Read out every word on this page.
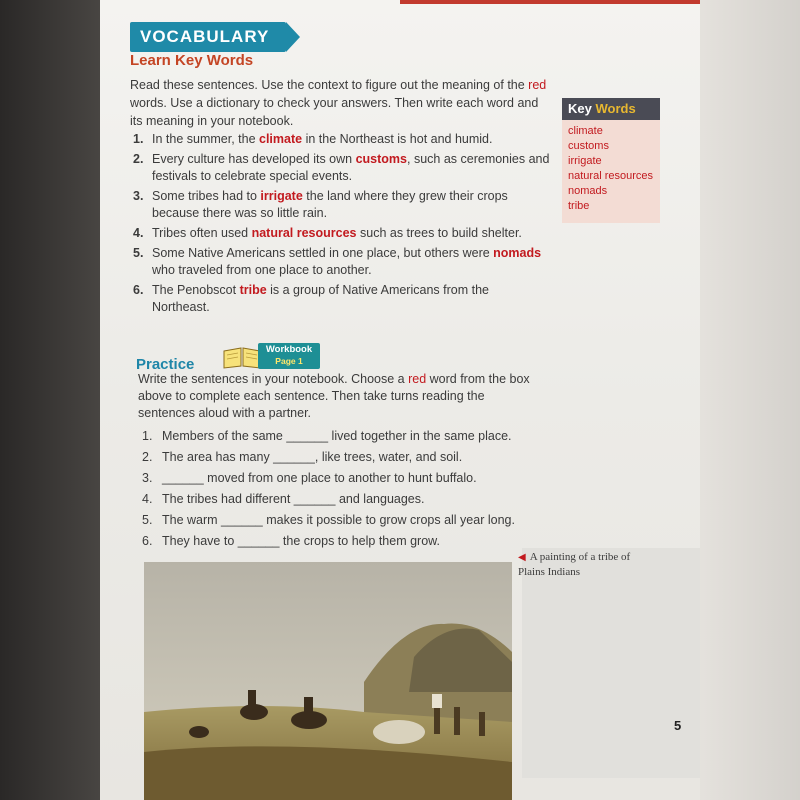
VOCABULARY
Learn Key Words
Read these sentences. Use the context to figure out the meaning of the red words. Use a dictionary to check your answers. Then write each word and its meaning in your notebook.
1. In the summer, the climate in the Northeast is hot and humid.
2. Every culture has developed its own customs, such as ceremonies and festivals to celebrate special events.
3. Some tribes had to irrigate the land where they grew their crops because there was so little rain.
4. Tribes often used natural resources such as trees to build shelter.
5. Some Native Americans settled in one place, but others were nomads who traveled from one place to another.
6. The Penobscot tribe is a group of Native Americans from the Northeast.
Key Words
climate
customs
irrigate
natural resources
nomads
tribe
Practice
Workbook
Page 1
Write the sentences in your notebook. Choose a red word from the box above to complete each sentence. Then take turns reading the sentences aloud with a partner.
1. Members of the same ______ lived together in the same place.
2. The area has many ______, like trees, water, and soil.
3. ______ moved from one place to another to hunt buffalo.
4. The tribes had different ______ and languages.
5. The warm ______ makes it possible to grow crops all year long.
6. They have to ______ the crops to help them grow.
◀ A painting of a tribe of Plains Indians
5
